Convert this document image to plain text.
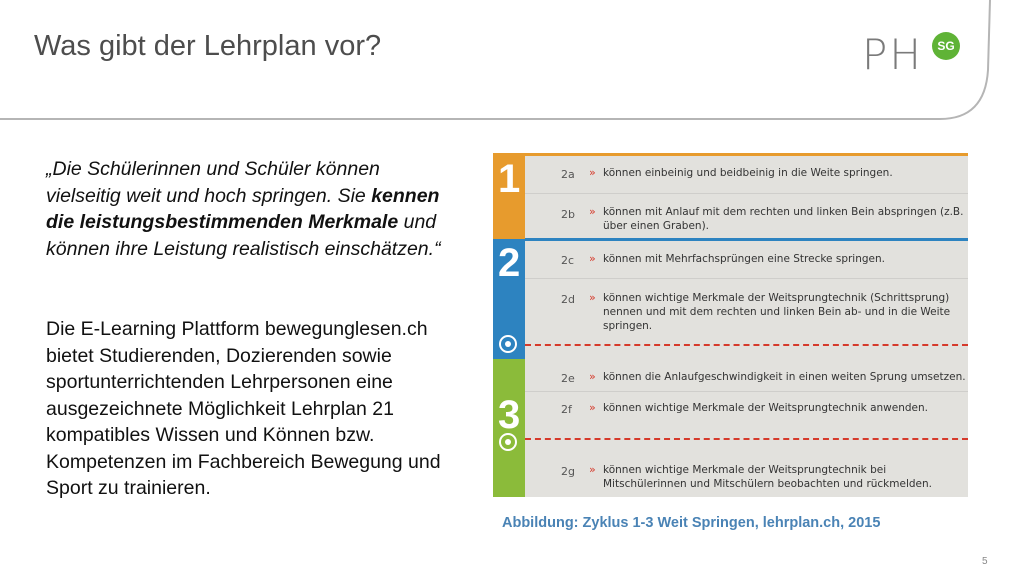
Was gibt der Lehrplan vor?	PH	SG
„Die Schülerinnen und Schüler können vielseitig weit und hoch springen. Sie kennen die leistungsbestimmenden Merkmale und können ihre Leistung realistisch einschätzen.“
Die E-Learning Plattform bewegunglesen.ch bietet Studierenden, Dozierenden sowie sportunterrichtenden Lehrpersonen eine ausgezeichnete Möglichkeit Lehrplan 21 kompatibles Wissen und Können bzw. Kompetenzen im Fachbereich Bewegung und Sport zu trainieren.
1
2
3
2a » können einbeinig und beidbeinig in die Weite springen.
2b » können mit Anlauf mit dem rechten und linken Bein abspringen (z.B. über einen Graben).
2c » können mit Mehrfachsprüngen eine Strecke springen.
2d » können wichtige Merkmale der Weitsprungtechnik (Schrittsprung) nennen und mit dem rechten und linken Bein ab- und in die Weite springen.
2e » können die Anlaufgeschwindigkeit in einen weiten Sprung umsetzen.
2f » können wichtige Merkmale der Weitsprungtechnik anwenden.
2g » können wichtige Merkmale der Weitsprungtechnik bei Mitschülerinnen und Mitschülern beobachten und rückmelden.
Abbildung: Zyklus 1-3 Weit Springen, lehrplan.ch, 2015
5
